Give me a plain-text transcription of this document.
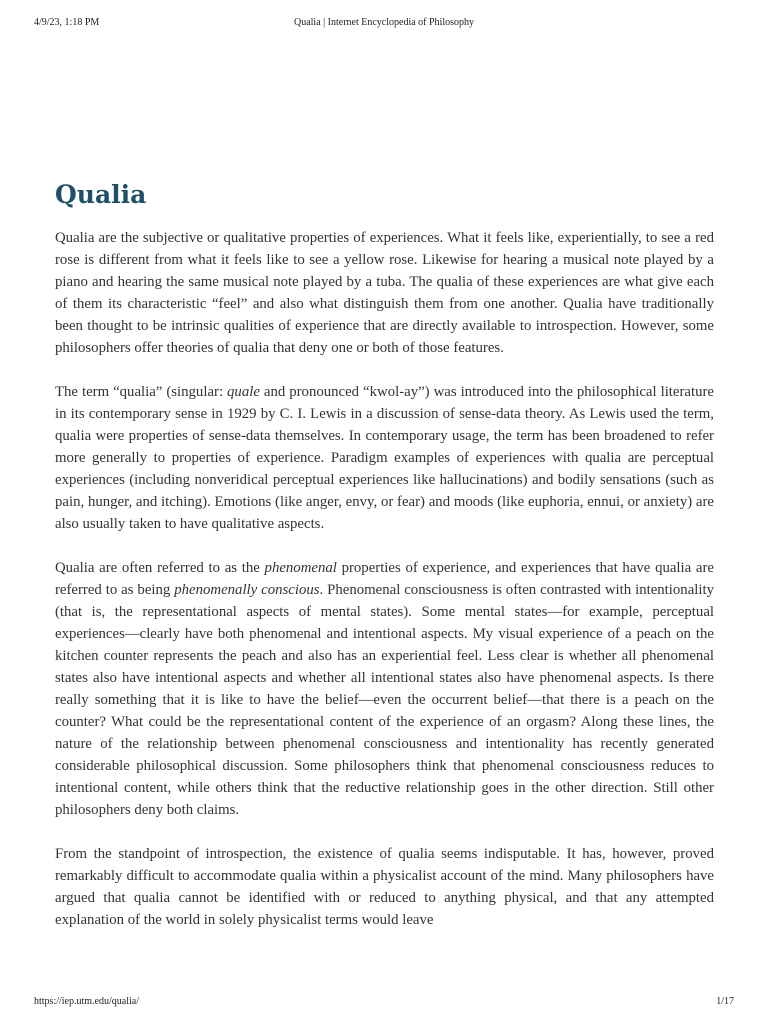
4/9/23, 1:18 PM	Qualia | Internet Encyclopedia of Philosophy
Qualia

Qualia are the subjective or qualitative properties of experiences. What it feels like, experientially, to see a red rose is different from what it feels like to see a yellow rose. Likewise for hearing a musical note played by a piano and hearing the same musical note played by a tuba. The qualia of these experiences are what give each of them its characteristic “feel” and also what distinguish them from one another. Qualia have traditionally been thought to be intrinsic qualities of experience that are directly available to introspection. However, some philosophers offer theories of qualia that deny one or both of those features.

The term “qualia” (singular: quale and pronounced “kwol-ay”) was introduced into the philosophical literature in its contemporary sense in 1929 by C. I. Lewis in a discussion of sense-data theory. As Lewis used the term, qualia were properties of sense-data themselves. In contemporary usage, the term has been broadened to refer more generally to properties of experience. Paradigm examples of experiences with qualia are perceptual experiences (including nonveridical perceptual experiences like hallucinations) and bodily sensations (such as pain, hunger, and itching). Emotions (like anger, envy, or fear) and moods (like euphoria, ennui, or anxiety) are also usually taken to have qualitative aspects.

Qualia are often referred to as the phenomenal properties of experience, and experiences that have qualia are referred to as being phenomenally conscious. Phenomenal consciousness is often contrasted with intentionality (that is, the representational aspects of mental states). Some mental states—for example, perceptual experiences—clearly have both phenomenal and intentional aspects. My visual experience of a peach on the kitchen counter represents the peach and also has an experiential feel. Less clear is whether all phenomenal states also have intentional aspects and whether all intentional states also have phenomenal aspects. Is there really something that it is like to have the belief—even the occurrent belief—that there is a peach on the counter? What could be the representational content of the experience of an orgasm? Along these lines, the nature of the relationship between phenomenal consciousness and intentionality has recently generated considerable philosophical discussion. Some philosophers think that phenomenal consciousness reduces to intentional content, while others think that the reductive relationship goes in the other direction. Still other philosophers deny both claims.

From the standpoint of introspection, the existence of qualia seems indisputable. It has, however, proved remarkably difficult to accommodate qualia within a physicalist account of the mind. Many philosophers have argued that qualia cannot be identified with or reduced to anything physical, and that any attempted explanation of the world in solely physicalist terms would leave

https://iep.utm.edu/qualia/	1/17
